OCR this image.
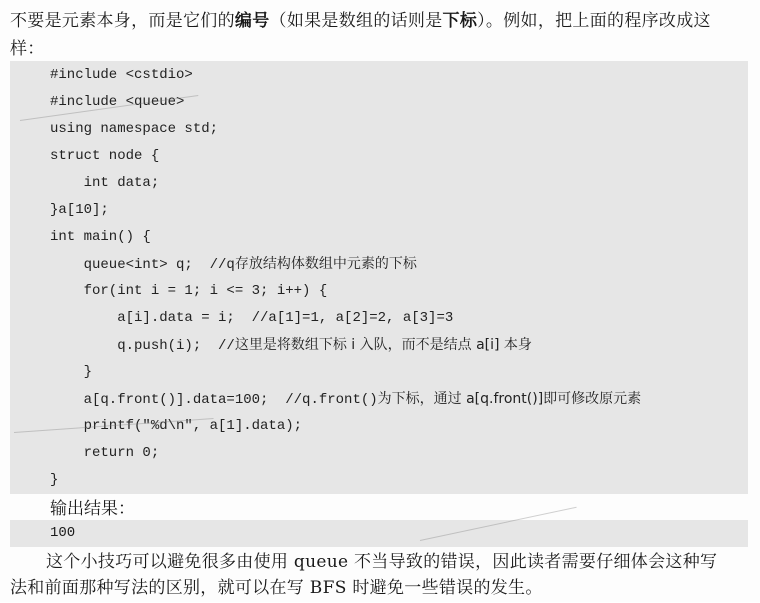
不要是元素本身，而是它们的编号（如果是数组的话则是下标）。例如，把上面的程序改成这
样：
#include <cstdio>
#include <queue>
using namespace std;
struct node {
int data;
}a[10];
int main() {
queue<int> q;  //q存放结构体数组中元素的下标
for(int i = 1; i <= 3; i++) {
a[i].data = i;  //a[1]=1, a[2]=2, a[3]=3
q.push(i);  //这里是将数组下标 i 入队，而不是结点 a[i] 本身
}
a[q.front()].data=100;  //q.front()为下标，通过 a[q.front()]即可修改原元素
printf("%d\n", a[1].data);
return 0;
}
输出结果：
100
这个小技巧可以避免很多由使用 queue 不当导致的错误，因此读者需要仔细体会这种写
法和前面那种写法的区别，就可以在写 BFS 时避免一些错误的发生。
